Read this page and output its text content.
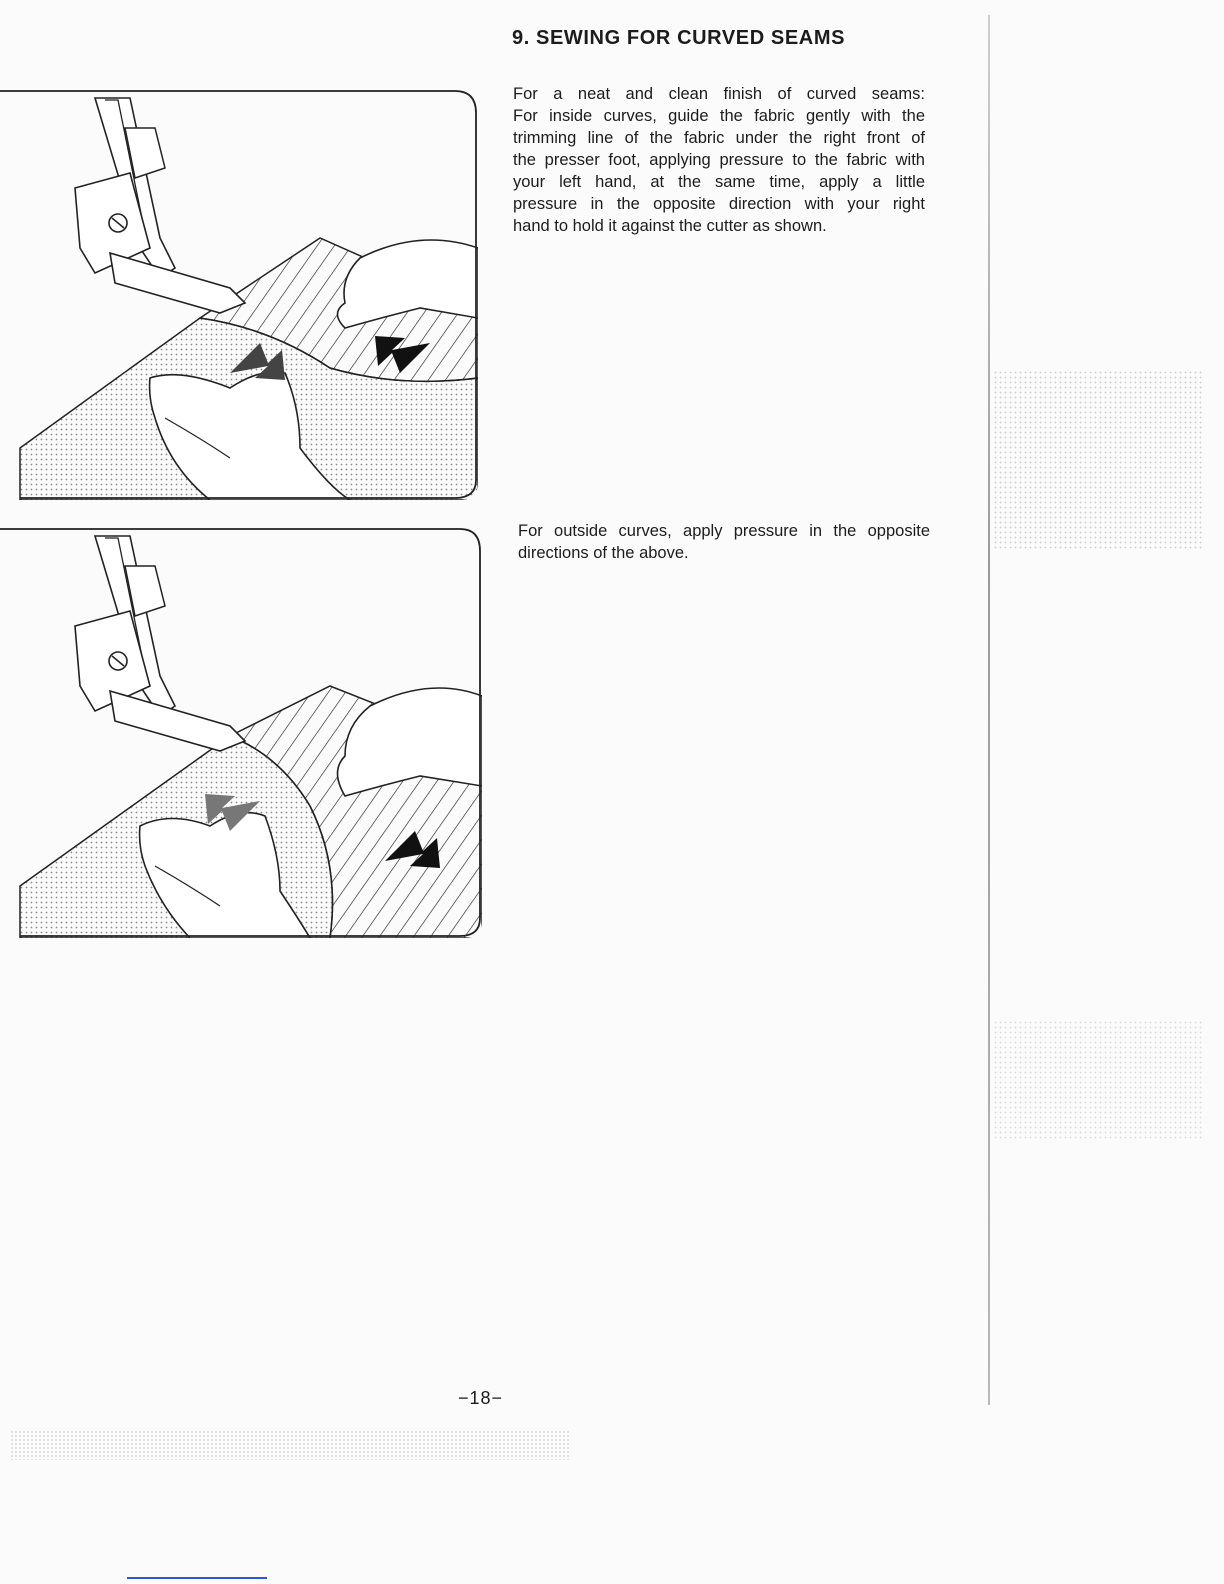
9. SEWING FOR CURVED SEAMS
For a neat and clean finish of curved seams:
For inside curves, guide the fabric gently with the
trimming line of the fabric under the right front of
the presser foot, applying pressure to the fabric with
your left hand, at the same time, apply a little
pressure in the opposite direction with your right
hand to hold it against the cutter as shown.
For outside curves, apply pressure in the opposite
directions of the above.
−18−
